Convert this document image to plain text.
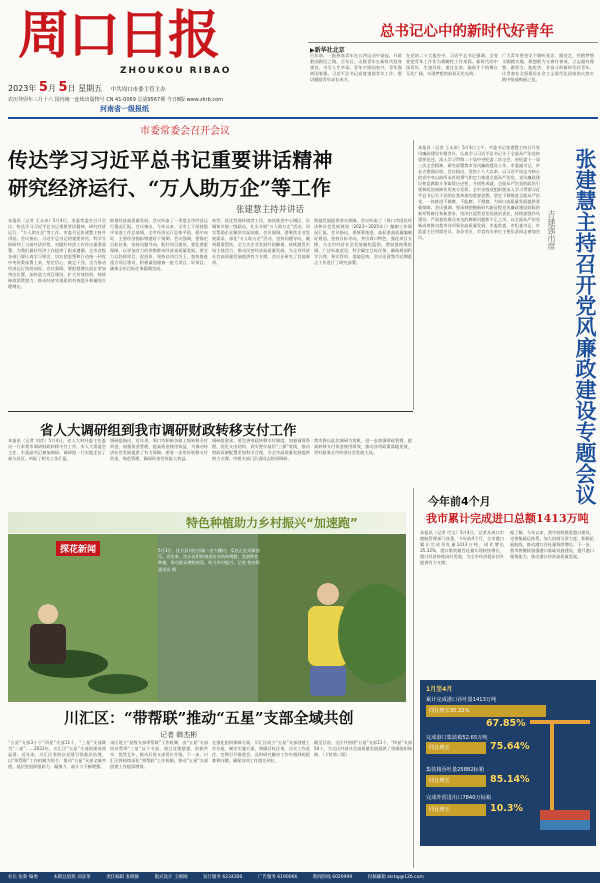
周口日报
ZHOUKOU RIBAO
2023年 5月 5日 星期五 中共周口市委主管主办
农历癸卯年三月十六 国内统一连续出版物号 CN 41-0069 总第9567期 今日8版 www.zkrb.com
河南省一级报纸
总书记心中的新时代好青年
▶新华社北京
百年前，一批热血青年在五四运动中奋起，开辟救国救民之路。百年后，无数青年在新时代投身建设，书写人生华章。青年兴则国家兴，青年强则国家强。习近平总书记高度重视青年工作，殷切勉励青年成长成才。
在党的二十大报告中，习近平总书记强调，全党要把青年工作作为战略性工作来抓。新时代的中国青年，生逢其时，重任在肩，施展才干的舞台无比广阔，实现梦想的前景无比光明。
广大青年要坚定不移听党话、跟党走，怀抱梦想又脚踏实地，敢想敢为又善作善成，立志做有理想、敢担当、能吃苦、肯奋斗的新时代好青年，让青春在全面建设社会主义现代化国家的火热实践中绽放绚丽之花。
市委常委会召开会议
传达学习习近平总书记重要讲话精神
研究经济运行、“万人助万企”等工作
张建慧主持并讲话
本报讯（记者 王永泉）5月4日，市委常委会召开会议，传达学习习近平总书记重要讲话精神，研究经济运行、“万人助万企”等工作。市委书记张建慧主持并讲话。会议指出，习近平总书记的重要讲话，科学分析研判了当前经济形势，对做好经济工作作出重要部署，为我们做好经济工作提供了根本遵循。全市各级各部门要认真学习领会，切实把思想和行动统一到党中央决策部署上来，坚定信心、鼓足干劲，全力推动经济运行持续向好。会议强调，要把稳增长放在更加突出位置，加快重大项目建设，扩大有效投资，持续释放消费潜力，推动经济实现质的有效提升和量的合理增长。
助推经济高质量发展。会议听取了一季度全市经济运行情况汇报。会议指出，今年以来，全市上下坚持稳中求进工作总基调，全市经济运行总体平稳、稳中向好，主要经济指标增速好于预期。会议强调，要锚定目标任务，坚持问题导向，抓好项目建设，强化要素保障，以更加有力的举措推动经济高质量发展。要全力以赴抓项目、促投资，坚持以项目为王，加快推进重点项目建设，积极谋划储备一批大项目、好项目，确保全年目标任务圆满完成。
转型、优化营商环境等工作，加快推进中心城区、县城和乡镇三级联动，扎实开展“万人助万企”活动，切实帮助企业解决实际困难。会议强调，要聚焦企业发展需求，深化“万人助万企”活动，坚持问题导向，做到精准帮扶，全力为企业发展纾困解难，持续激发市场主体活力，推动民营经济高质量发展，为全市经济社会高质量发展提供有力支撑。会议还研究了其他事项。
跨越发展提供坚实保障。会议听取了《周口市国民经济和社会发展规划（2023—2025年）》编制工作情况汇报。会议指出，要统筹推进，高标准高质量编制好规划，坚持目标导向，突出周口特色，强化项目支撑，为全市经济社会发展描绘蓝图。要加强统筹协调，广泛听取意见，科学确定目标任务，确保规划科学合理、务实管用、落地见效。会议还就我市近期重点工作进行了研究部署。	张建慧主持召开党风廉政建设专题会议
吉建强出席
本报讯（记者 王永泉）5月4日上午，市委书记张建慧主持召开党风廉政建设专题会议，认真学习习近平总书记关于全面从严治党的重要论述，深入学习贯彻二十届中央纪委二次全会、省纪委十一届三次全会精神，研究部署我市党风廉政建设工作。市委副书记、市长吉建强出席。会议指出，党的十八大以来，以习近平同志为核心的党中央以前所未有的勇气和定力推进全面从严治党，党风廉政建设和反腐败斗争取得历史性、开创性成就，全面从严治党的政治引领和政治保障作用充分发挥。全市各级党组织要深入学习贯彻习近平总书记关于党的自我革命的重要思想，坚定不移推进全面从严治党，一体推进不敢腐、不能腐、不想腐，为周口高质量发展提供坚强保障。会议强调，要深刻把握新时代新征程党风廉政建设面临的新形势新任务新要求，坚决扛起管党治党政治责任，持续加强作风建设，严肃查处群众身边的腐败问题和不正之风，以全面从严治党新成效推动我市各项事业高质量发展。市委常委、市纪委书记、市监委主任列席会议，各县市区、市直有关单位主要负责同志参加会议。
省人大调研组到我市调研财政转移支付工作
本报讯（记者 刘彦）5月4日，省人大财经委主任委员一行来我市调研财政转移支付工作。市人大常委会主任、市委副书记参加调研。调研组一行实地走访了部分县区，听取了相关工作汇报。
调研组指出，近年来，周口市积极争取上级转移支付资金，加强资金管理，提高资金使用效益，为推动经济社会发展提供了有力保障。要进一步用好转移支付资金，规范管理，确保资金发挥最大效益。
调研组要求，要完善财政转移支付制度，加强预算管理，优化支出结构，切实兜牢基层“三保”底线，推动财政资源配置更加科学合理，为全市高质量发展提供财力支撑。市相关部门负责同志陪同调研。
我市将以此次调研为契机，进一步加强财政管理，提高转移支付资金使用绩效，推动各项政策落地见效，更好服务全市经济社会发展大局。
特色种植助力乡村振兴“加速跑”
探花新闻	5月3日，沈丘县刘庄店镇一处大棚内，瓜农正在采摘西瓜。近年来，沈丘县积极推进农业结构调整，发展特色种植，带动群众增收致富，助力乡村振兴。记者 徐启铭 通讯员 摄
川汇区：“带帮联”推动“五星”支部全域共创
记者 韩杰彬
“五星”支部3小于“四星”支部11个，“三星”支部降为“二星”……2022年，川汇区“五星”支部创建成效显著。近年来，川汇区坚持以党建引领基层治理，以“带帮联”工作机制为抓手，推动“五星”支部全域共创，基层党组织组织力、凝聚力、战斗力不断增强。
该区建立“星级支部带帮联”工作机制，由“五星”支部结对帮带“三星”以下支部，通过党建联建、资源共享、优势互补，推动后进支部晋位升级。下一步，川汇区将持续深化“带帮联”工作机制，推动“五星”支部创建工作提质增效。
在强化组织保障方面，川汇区成立“五星”支部创建工作专班，制定实施方案，明确目标任务，压实工作责任，定期召开推进会，及时研究解决工作中遇到的困难和问题，确保各项工作落实到位。
截至目前，全区共创建“五星”支部11个、“四星”支部50个，为全区经济社会高质量发展提供了坚强组织保障。（下转第二版）
今年前4个月
我市累计完成进口总额1413万吨
本报讯（记者 付文）5月4日，记者从周口市港航管理部门获悉，今年前4个月，全市港口累计完成吞吐量1413万吨，同比增长35.32%，港口集装箱吞吐量实现较快增长，港口经济持续向好发展，为全市经济稳步回升提供有力支撑。
据了解，今年以来，我市持续推进港口建设，完善集疏运体系，加大招商引资力度，积极拓展航线，推动港口吞吐量持续增长。下一步，我市将继续加强港口基础设施建设，提升港口服务能力，推动港口经济高质量发展。
1月至4月
累计完成港口吞吐量1413万吨
同比增长35.32%
67.85%
完成港口集装箱52.65万吨
同比增长	75.64%
集装箱吞吐量25882标箱
同比增长	85.14%
完成外贸进出口7840万标箱
同比增长	10.3%
社长 张新 编委	本期总值班 刘彦革	责任编辑 张晓静	版式设计 王刚刚	发行服务 6234300	广告服务 6190066	新闻热线 6029999	投稿邮箱 zkrbg@126.com
